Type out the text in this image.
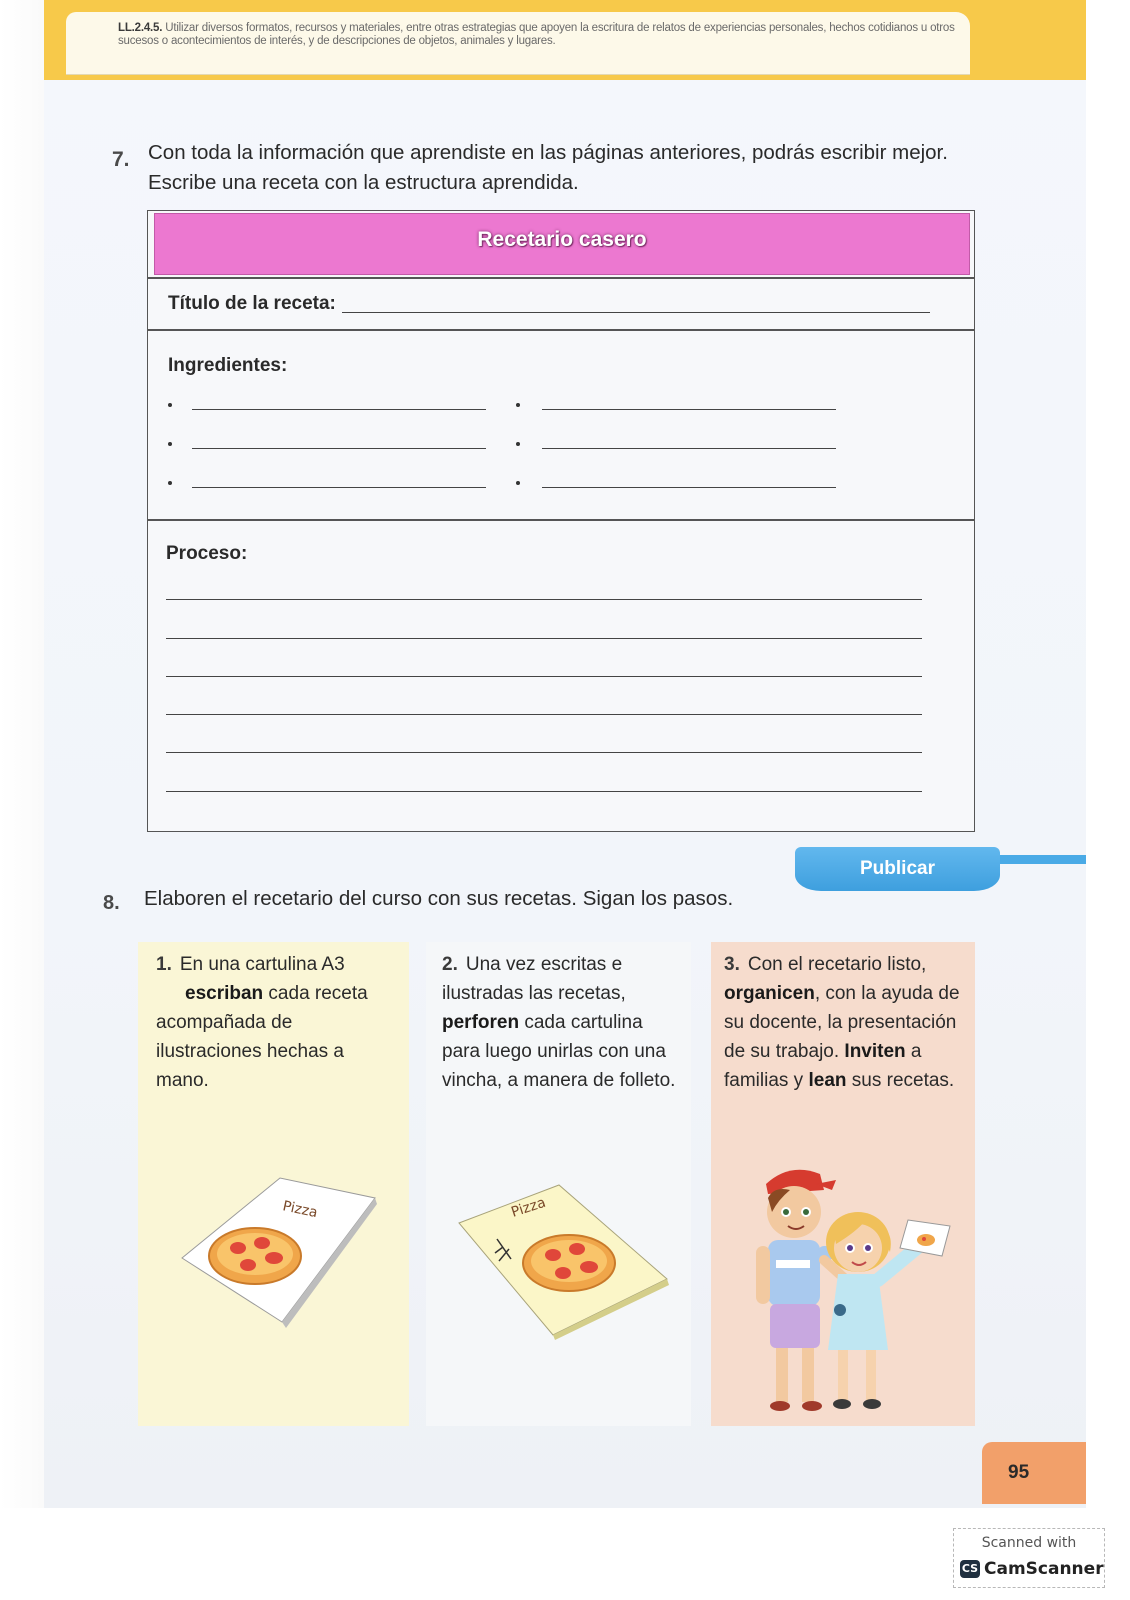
LL.2.4.5. Utilizar diversos formatos, recursos y materiales, entre otras estrategias que apoyen la escritura de relatos de experiencias personales, hechos cotidianos u otros sucesos o acontecimientos de interés, y de descripciones de objetos, animales y lugares.
7. Con toda la información que aprendiste en las páginas anteriores, podrás escribir mejor.
Escribe una receta con la estructura aprendida.
Recetario casero
Título de la receta:
Ingredientes:
Proceso:
Publicar
8. Elaboren el recetario del curso con sus recetas. Sigan los pasos.
1. En una cartulina A3
escriban cada receta acompañada de ilustraciones hechas a mano.
2. Una vez escritas e ilustradas las recetas, perforen cada cartulina para luego unirlas con una vincha, a manera de folleto.
3. Con el recetario listo, organicen, con la ayuda de su docente, la presentación de su trabajo. Inviten a familias y lean sus recetas.
Pizza	Pizza
95
Scanned with
CS CamScanner
